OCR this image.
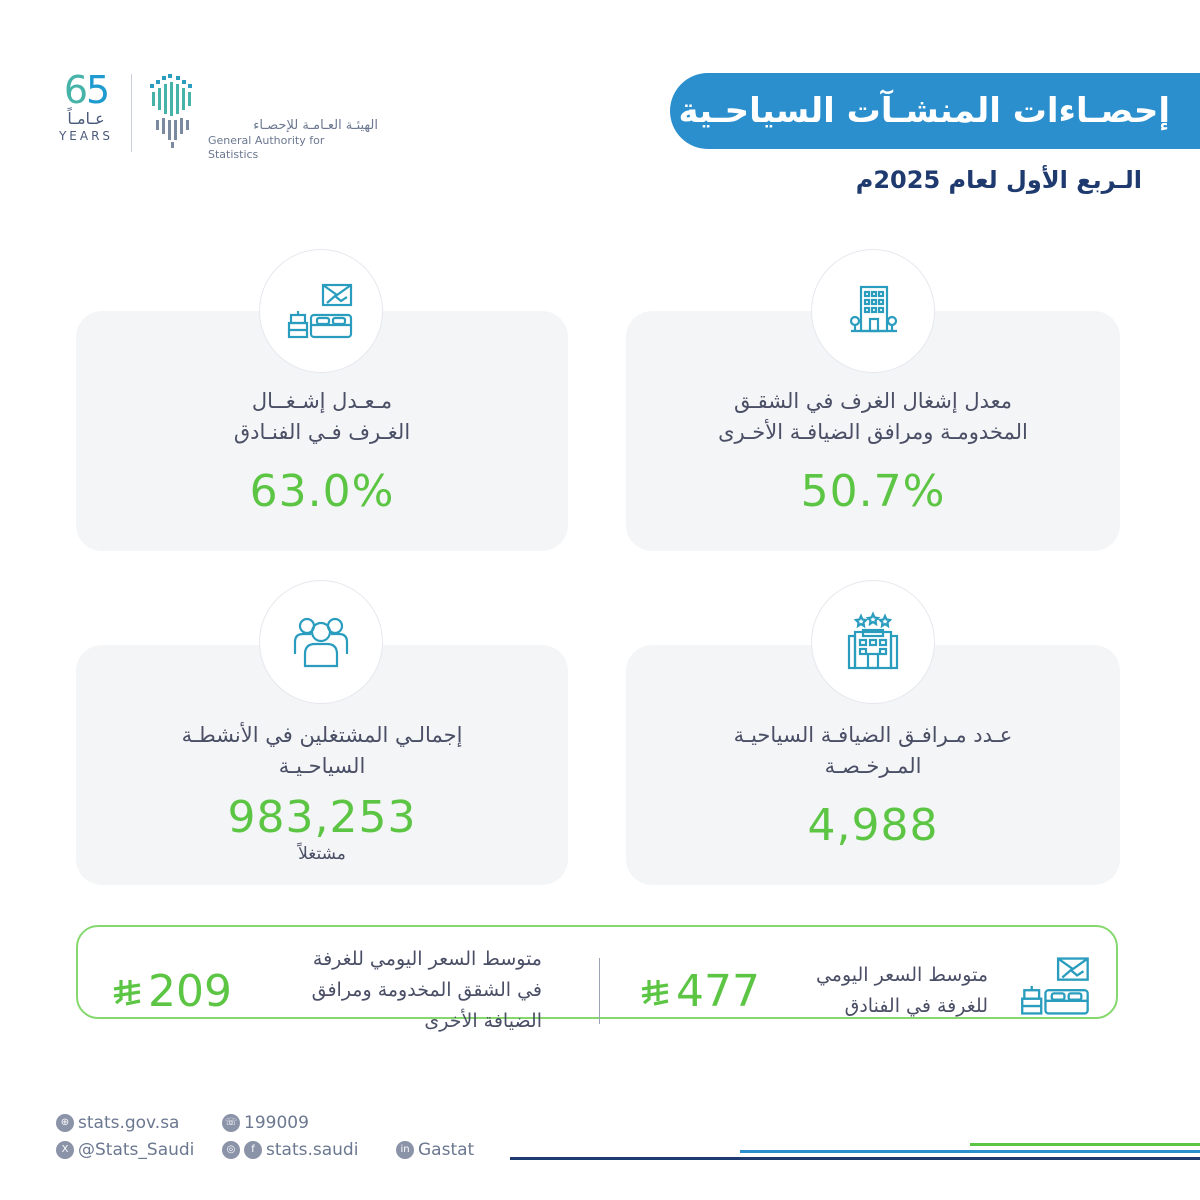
65
عـامـاً
YEARS
الهيئـة العـامـة للإحصـاء
General Authority for Statistics
إحصـاءات المنشـآت السياحـية
الـربع الأول لعام 2025م
معدل إشغال الغرف في الشقـق
المخدومـة ومرافق الضيافـة الأخـرى
50.7%
مـعـدل إشـغــال
الغـرف فـي الفنـادق
63.0%
عـدد مـرافـق الضيافـة السياحيـة
المـرخـصـة
4,988
إجمالـي المشتغلين في الأنشطـة
السياحـيـة
983,253
مشتغلاً
متوسط السعر اليومي
للغرفة في الفنادق
477
متوسط السعر اليومي للغرفة
في الشقق المخدومة ومرافق
الضيافة الأخرى
209
⊕ stats.gov.sa	☏ 199009
X @Stats_Saudi	◎	f stats.saudi	in Gastat
